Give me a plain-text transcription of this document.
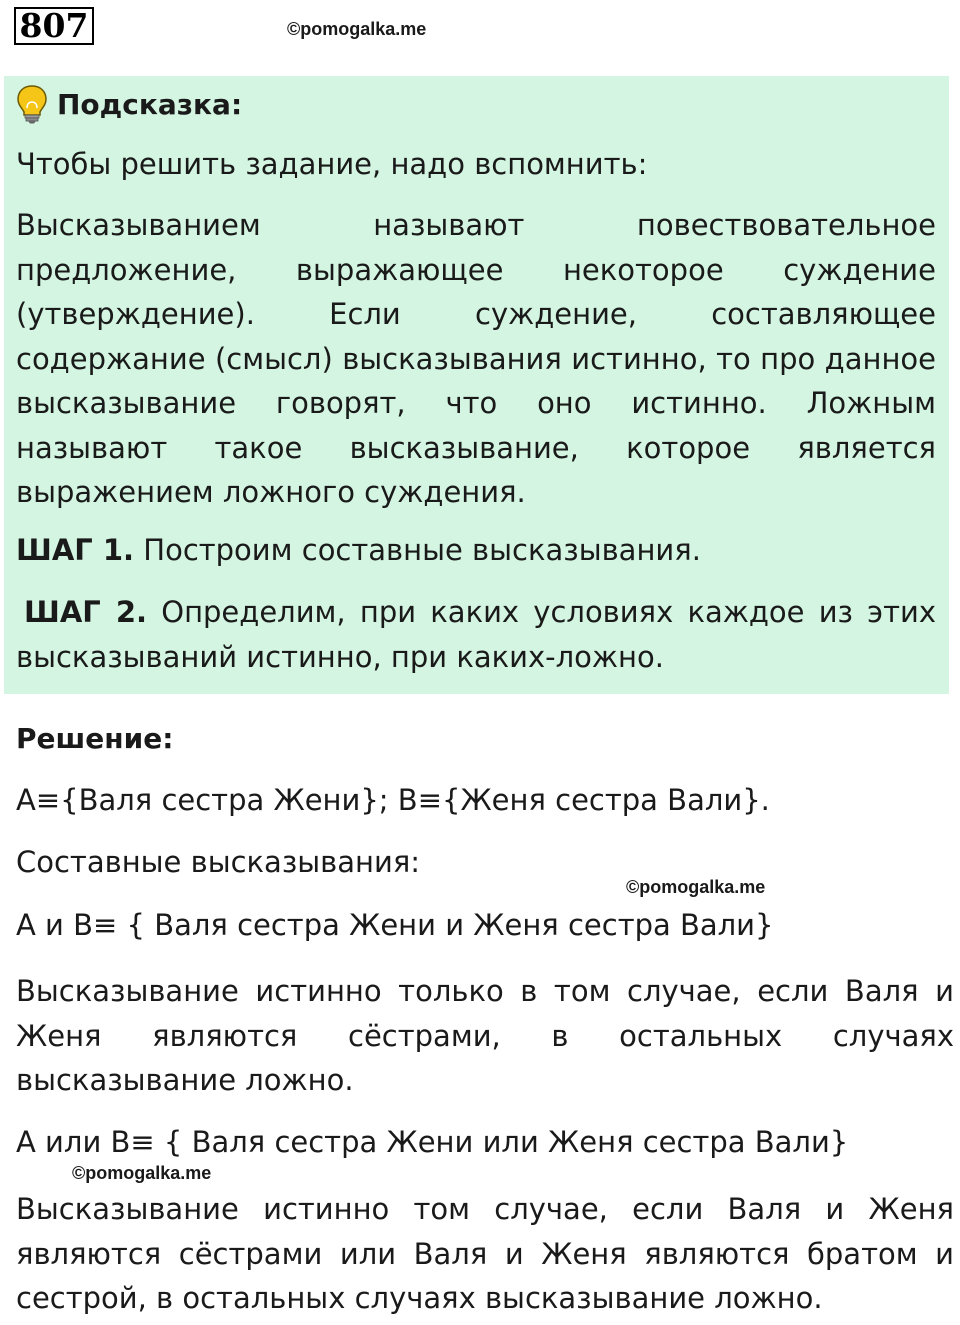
807	©pomogalka.me
Подсказка:

Чтобы решить задание, надо вспомнить:

Высказыванием называют повествовательное предложение, выражающее некоторое суждение (утверждение). Если суждение, составляющее содержание (смысл) высказывания истинно, то про данное высказывание говорят, что оно истинно. Ложным называют такое высказывание, которое является выражением ложного суждения.

ШАГ 1. Построим составные высказывания.

ШАГ 2. Определим, при каких условиях каждое из этих высказываний истинно, при каких-ложно.

Решение:

A≡{Валя сестра Жени}; B≡{Женя сестра Вали}.

Составные высказывания:

©pomogalka.me

А и B≡ { Валя сестра Жени и Женя сестра Вали}

Высказывание истинно только в том случае, если Валя и Женя являются сёстрами, в остальных случаях высказывание ложно.

А или B≡ { Валя сестра Жени или Женя сестра Вали}

©pomogalka.me

Высказывание истинно том случае, если Валя и Женя являются сёстрами или Валя и Женя являются братом и сестрой, в остальных случаях высказывание ложно.
